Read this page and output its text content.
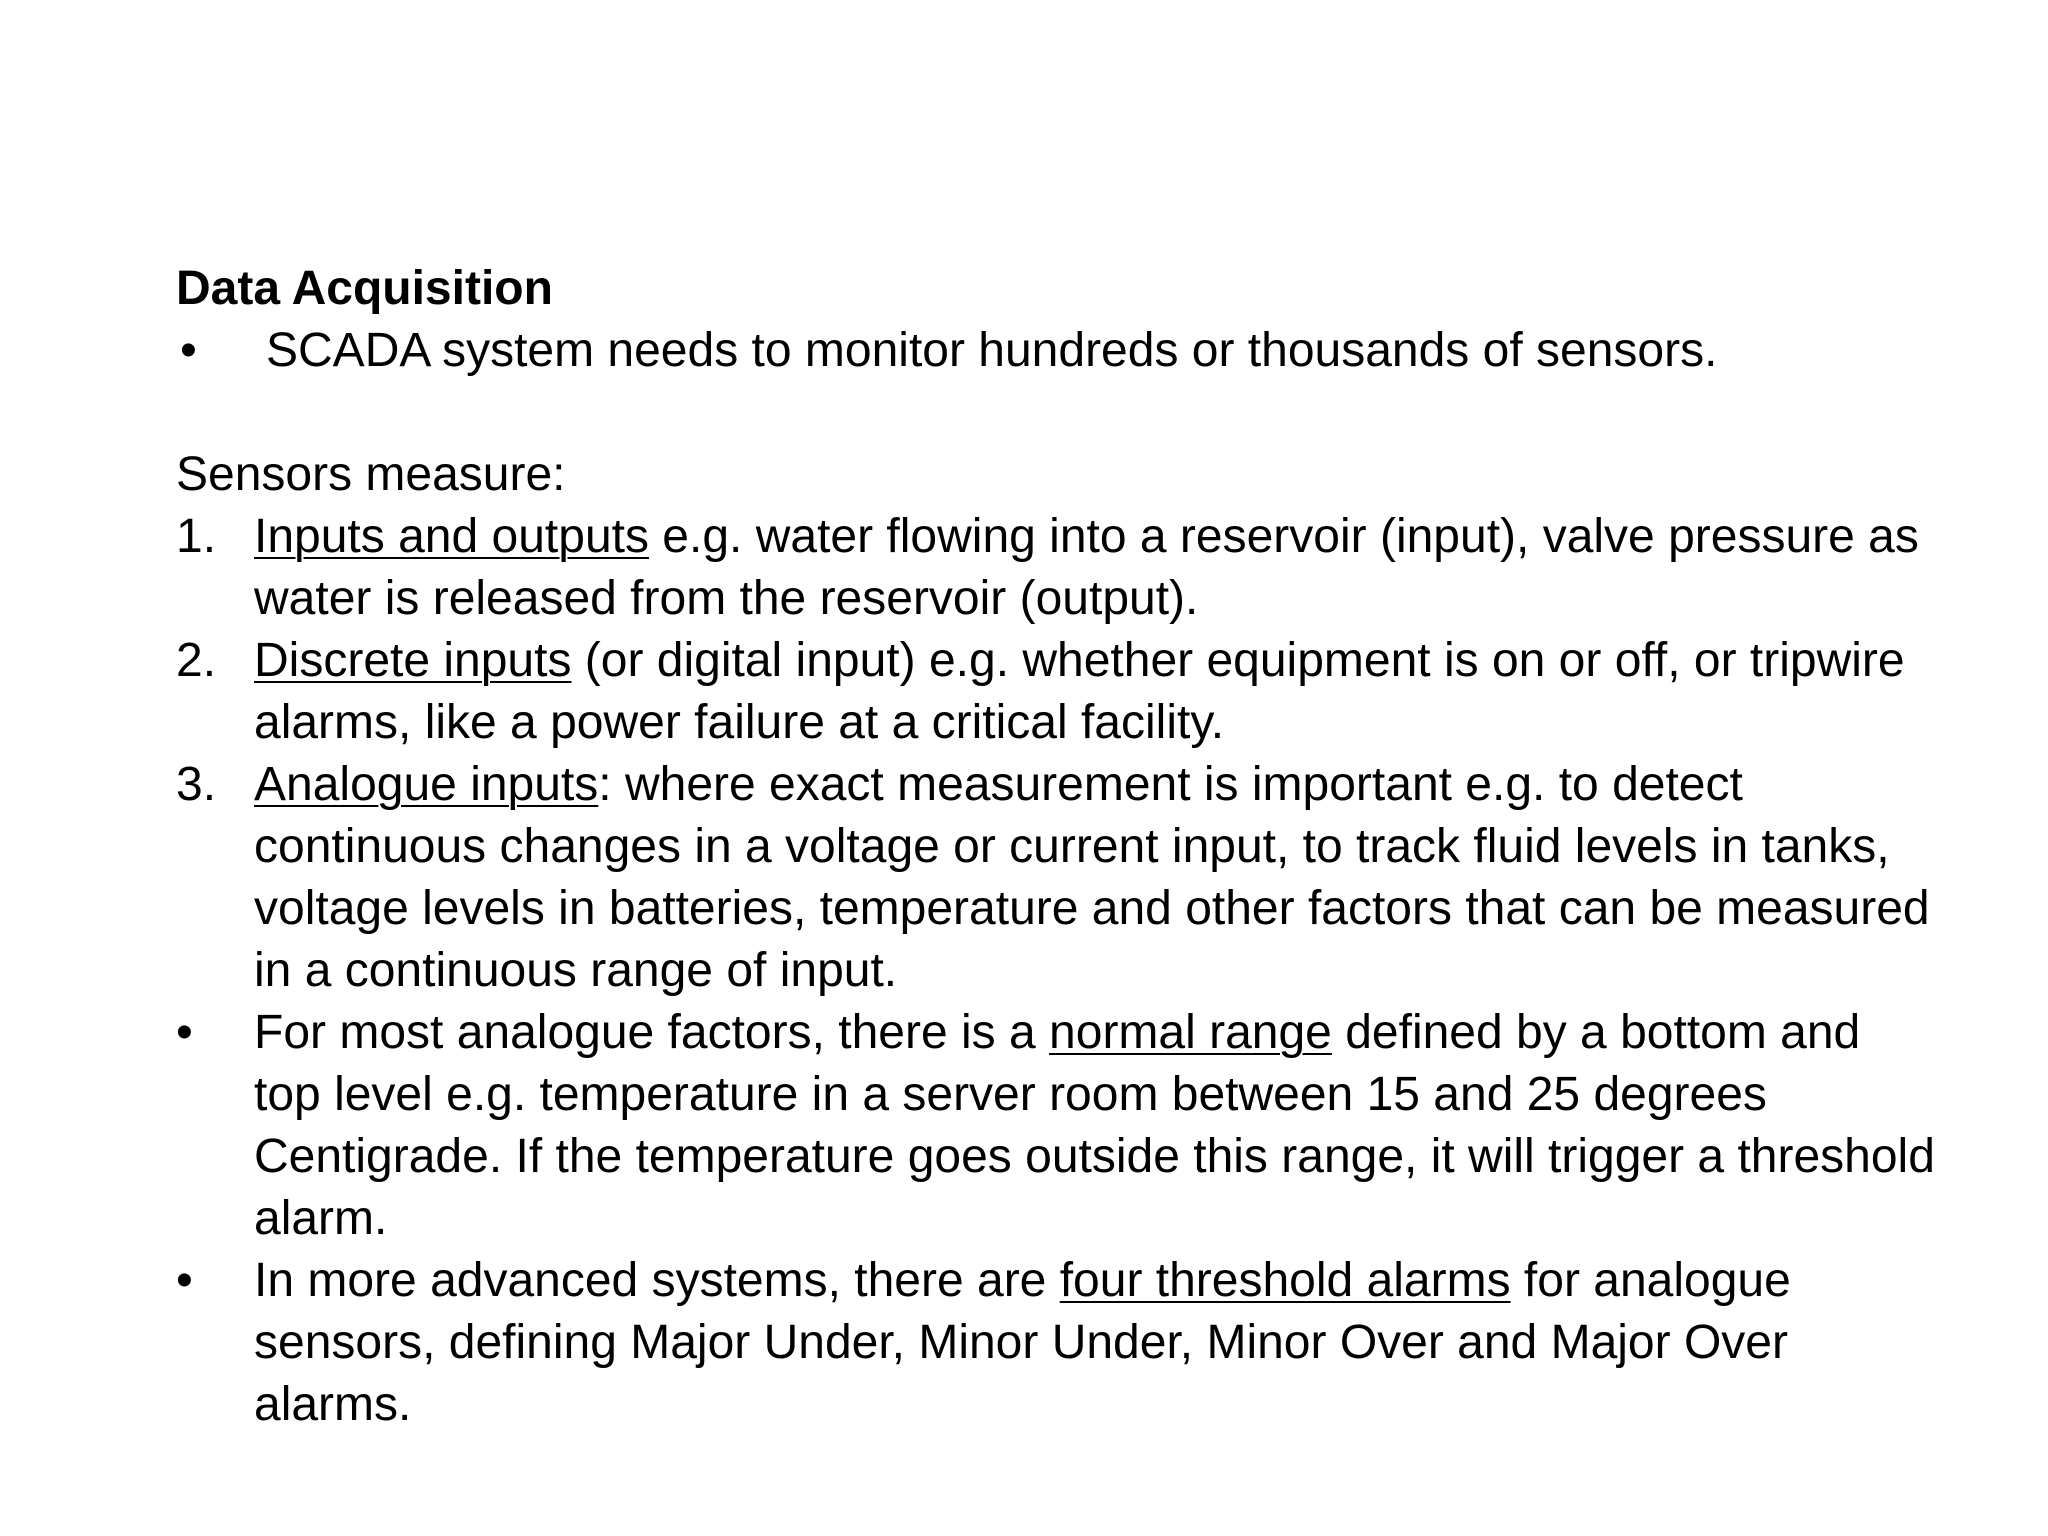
Data Acquisition
• SCADA system needs to monitor hundreds or thousands of sensors.
Sensors measure:
1. Inputs and outputs e.g. water flowing into a reservoir (input), valve pressure as water is released from the reservoir (output).
2. Discrete inputs (or digital input) e.g. whether equipment is on or off, or tripwire alarms, like a power failure at a critical facility.
3. Analogue inputs: where exact measurement is important e.g. to detect continuous changes in a voltage or current input, to track fluid levels in tanks, voltage levels in batteries, temperature and other factors that can be measured in a continuous range of input.
• For most analogue factors, there is a normal range defined by a bottom and top level e.g. temperature in a server room between 15 and 25 degrees Centigrade. If the temperature goes outside this range, it will trigger a threshold alarm.
• In more advanced systems, there are four threshold alarms for analogue sensors, defining Major Under, Minor Under, Minor Over and Major Over alarms.
